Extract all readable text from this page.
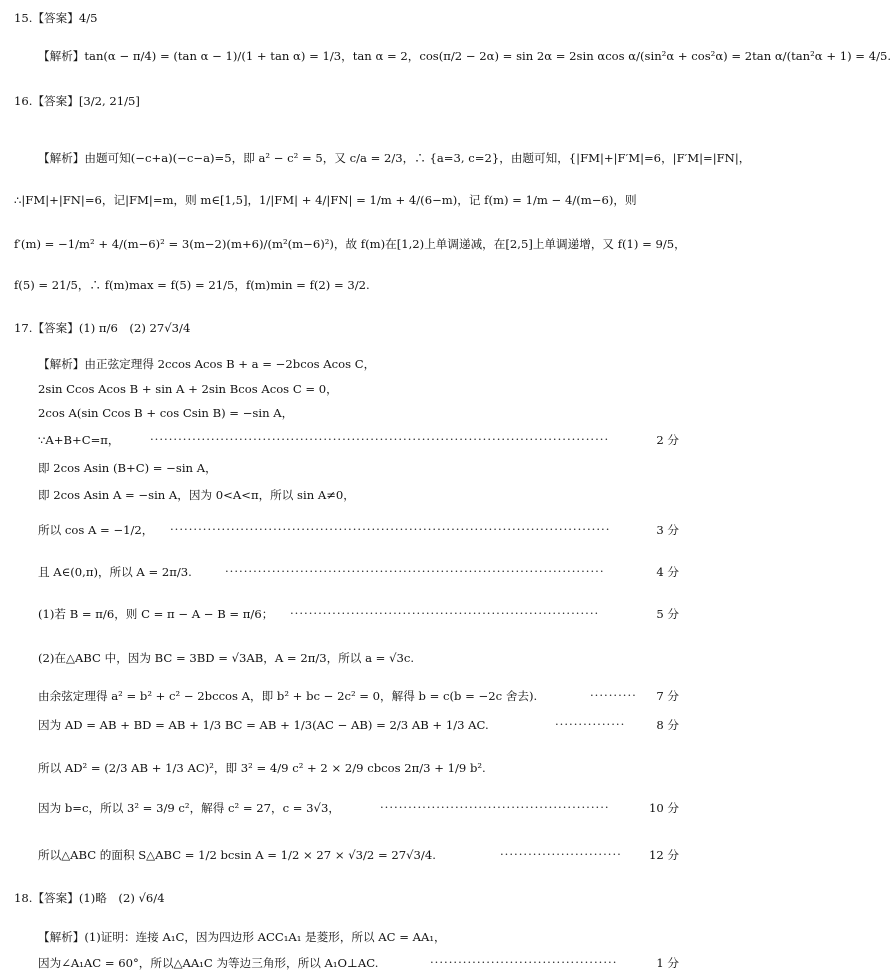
15.【答案】4/5
【解析】tan(α − π/4) = (tan α − 1)/(1 + tan α) = 1/3，tan α = 2，cos(π/2 − 2α) = sin 2α = 2sin αcos α/(sin²α + cos²α) = 2tan α/(tan²α + 1) = 4/5.
16.【答案】[3/2, 21/5]
【解析】由题可知(−c+a)(−c−a)=5，即 a² − c² = 5，又 c/a = 2/3，∴ {a=3, c=2}，由题可知，{|FM|+|F′M|=6，|F′M|=|FN|，
∴|FM|+|FN|=6，记|FM|=m，则 m∈[1,5]，1/|FM| + 4/|FN| = 1/m + 4/(6−m)，记 f(m) = 1/m − 4/(m−6)，则
f′(m) = −1/m² + 4/(m−6)² = 3(m−2)(m+6)/(m²(m−6)²)，故 f(m)在[1,2)上单调递减，在[2,5]上单调递增，又 f(1) = 9/5，
f(5) = 21/5，∴ f(m)max = f(5) = 21/5，f(m)min = f(2) = 3/2.
17.【答案】(1) π/6　(2) 27√3/4
【解析】由正弦定理得 2ccos Acos B + a = −2bcos Acos C，
2sin Ccos Acos B + sin A + 2sin Bcos Acos C = 0，
2cos A(sin Ccos B + cos Csin B) = −sin A，
∵A+B+C=π，	··································································································	2 分
即 2cos Asin (B+C) = −sin A，
即 2cos Asin A = −sin A，因为 0<A<π，所以 sin A≠0，
所以 cos A = −1/2，	······························································································	3 分
且 A∈(0,π)，所以 A = 2π/3.	·················································································	4 分
(1)若 B = π/6，则 C = π − A − B = π/6；	··································································	5 分
(2)在△ABC 中，因为 BC = 3BD = √3AB，A = 2π/3，所以 a = √3c.
由余弦定理得 a² = b² + c² − 2bccos A，即 b² + bc − 2c² = 0，解得 b = c(b = −2c 舍去).	·········· 7 分
因为 AD = AB + BD = AB + 1/3 BC = AB + 1/3(AC − AB) = 2/3 AB + 1/3 AC.	···············	8 分
所以 AD² = (2/3 AB + 1/3 AC)²，即 3² = 4/9 c² + 2 × 2/9 cbcos 2π/3 + 1/9 b².
因为 b=c，所以 3² = 3/9 c²，解得 c² = 27，c = 3√3，	·················································	10 分
所以△ABC 的面积 S△ABC = 1/2 bcsin A = 1/2 × 27 × √3/2 = 27√3/4.	·························· 12 分
18.【答案】(1)略　(2) √6/4
【解析】(1)证明：连接 A₁C，因为四边形 ACC₁A₁ 是菱形，所以 AC = AA₁，
因为∠A₁AC = 60°，所以△AA₁C 为等边三角形，所以 A₁O⊥AC.	········································	1 分
